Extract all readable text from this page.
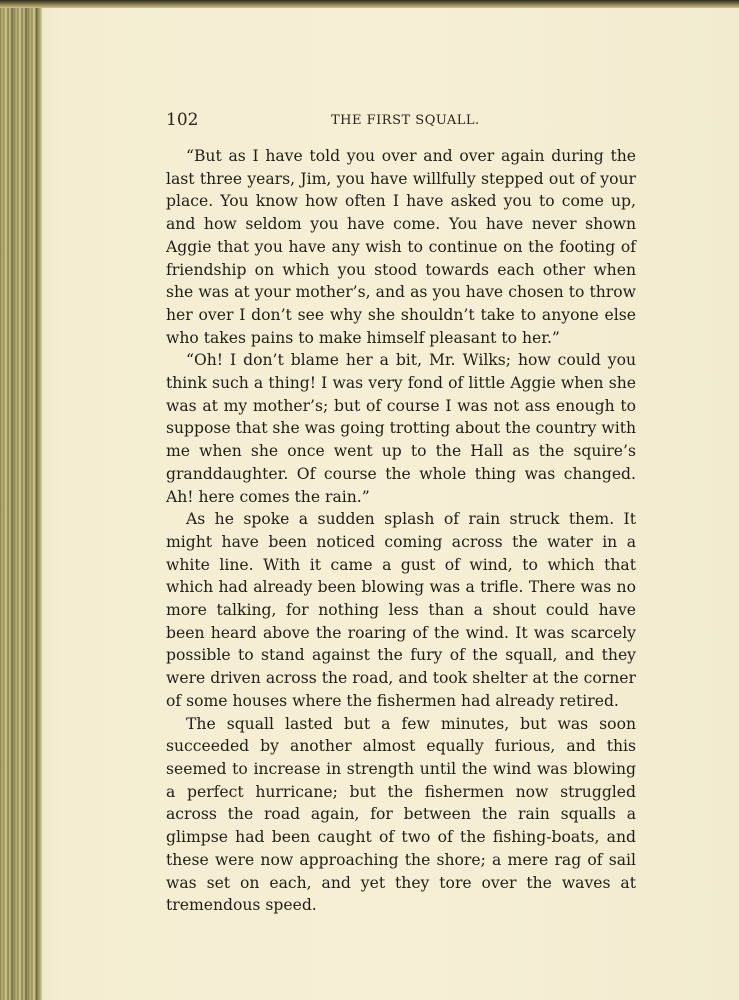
102	THE FIRST SQUALL.

“But as I have told you over and over again during the last three years, Jim, you have willfully stepped out of your place. You know how often I have asked you to come up, and how seldom you have come. You have never shown Aggie that you have any wish to continue on the footing of friendship on which you stood towards each other when she was at your mother’s, and as you have chosen to throw her over I don’t see why she shouldn’t take to anyone else who takes pains to make himself pleasant to her.”

“Oh! I don’t blame her a bit, Mr. Wilks; how could you think such a thing! I was very fond of little Aggie when she was at my mother’s; but of course I was not ass enough to suppose that she was going trotting about the country with me when she once went up to the Hall as the squire’s granddaughter. Of course the whole thing was changed. Ah! here comes the rain.”

As he spoke a sudden splash of rain struck them. It might have been noticed coming across the water in a white line. With it came a gust of wind, to which that which had already been blowing was a trifle. There was no more talking, for nothing less than a shout could have been heard above the roaring of the wind. It was scarcely possible to stand against the fury of the squall, and they were driven across the road, and took shelter at the corner of some houses where the fishermen had already retired.

The squall lasted but a few minutes, but was soon succeeded by another almost equally furious, and this seemed to increase in strength until the wind was blowing a perfect hurricane; but the fishermen now struggled across the road again, for between the rain squalls a glimpse had been caught of two of the fishing-boats, and these were now approaching the shore; a mere rag of sail was set on each, and yet they tore over the waves at tremendous speed.
